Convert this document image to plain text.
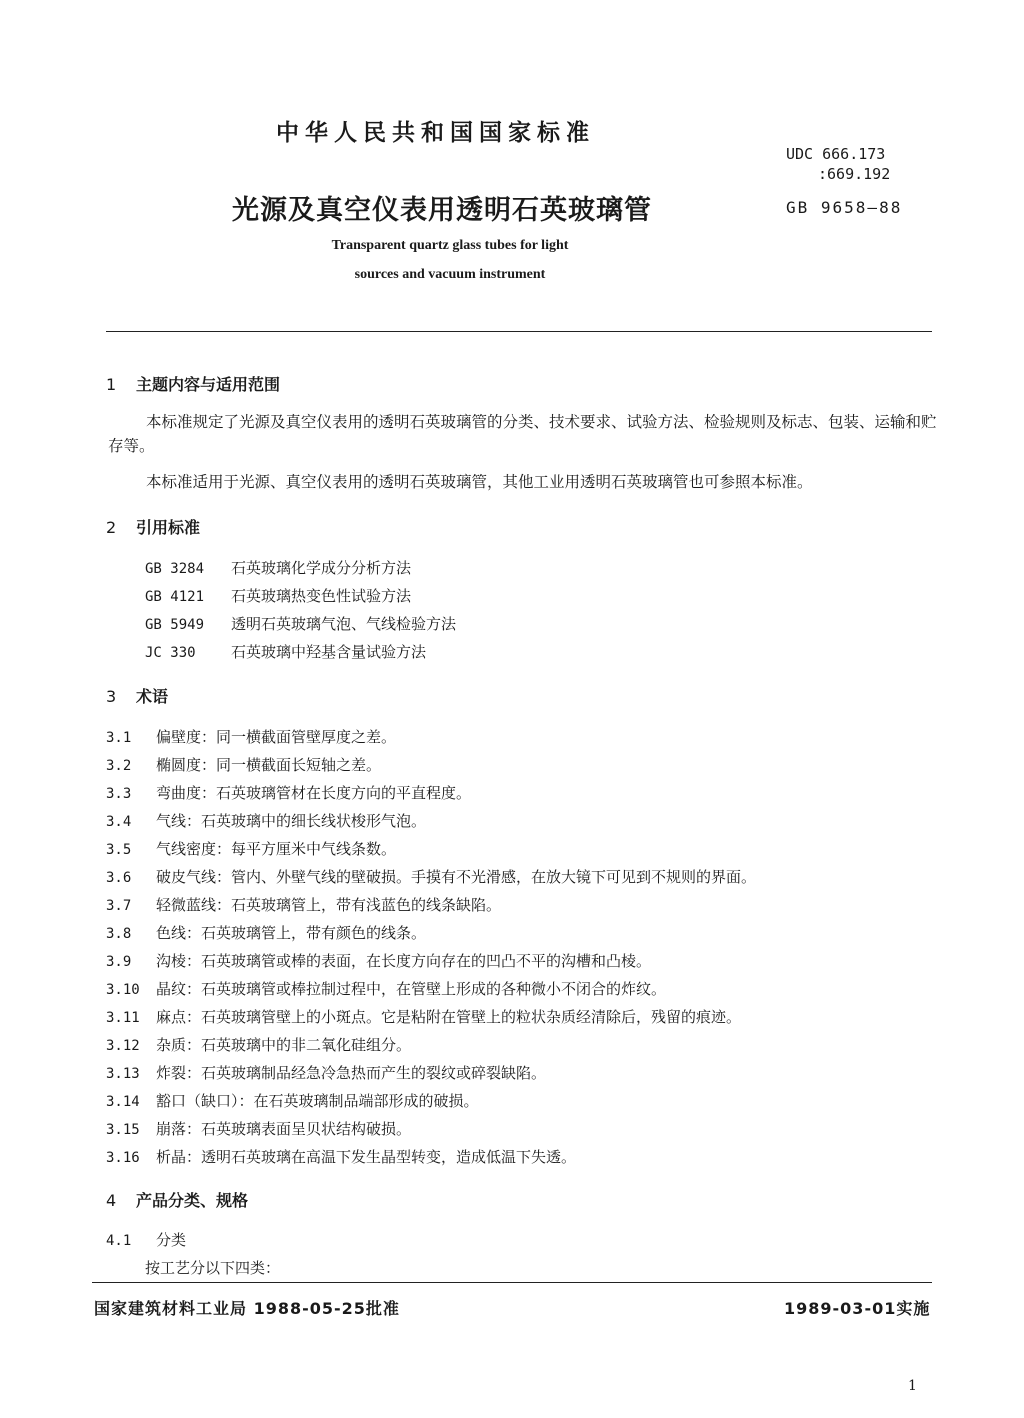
中华人民共和国国家标准
UDC 666.173
:669.192
光源及真空仪表用透明石英玻璃管	GB 9658—88
Transparent quartz glass tubes for light
sources and vacuum instrument
1 主题内容与适用范围
本标准规定了光源及真空仪表用的透明石英玻璃管的分类、技术要求、试验方法、检验规则及标志、包装、运输和贮存等。
本标准适用于光源、真空仪表用的透明石英玻璃管，其他工业用透明石英玻璃管也可参照本标准。
2 引用标准
GB 3284 石英玻璃化学成分分析方法
GB 4121 石英玻璃热变色性试验方法
GB 5949 透明石英玻璃气泡、气线检验方法
JC 330 石英玻璃中羟基含量试验方法
3 术语
3.1 偏壁度：同一横截面管壁厚度之差。
3.2 椭圆度：同一横截面长短轴之差。
3.3 弯曲度：石英玻璃管材在长度方向的平直程度。
3.4 气线：石英玻璃中的细长线状梭形气泡。
3.5 气线密度：每平方厘米中气线条数。
3.6 破皮气线：管内、外壁气线的壁破损。手摸有不光滑感，在放大镜下可见到不规则的界面。
3.7 轻微蓝线：石英玻璃管上，带有浅蓝色的线条缺陷。
3.8 色线：石英玻璃管上，带有颜色的线条。
3.9 沟棱：石英玻璃管或棒的表面，在长度方向存在的凹凸不平的沟槽和凸棱。
3.10 晶纹：石英玻璃管或棒拉制过程中，在管壁上形成的各种微小不闭合的炸纹。
3.11 麻点：石英玻璃管壁上的小斑点。它是粘附在管壁上的粒状杂质经清除后，残留的痕迹。
3.12 杂质：石英玻璃中的非二氧化硅组分。
3.13 炸裂：石英玻璃制品经急冷急热而产生的裂纹或碎裂缺陷。
3.14 豁口（缺口）：在石英玻璃制品端部形成的破损。
3.15 崩落：石英玻璃表面呈贝状结构破损。
3.16 析晶：透明石英玻璃在高温下发生晶型转变，造成低温下失透。
4 产品分类、规格
4.1 分类
按工艺分以下四类：
国家建筑材料工业局 1988-05-25批准	1989-03-01实施
1
